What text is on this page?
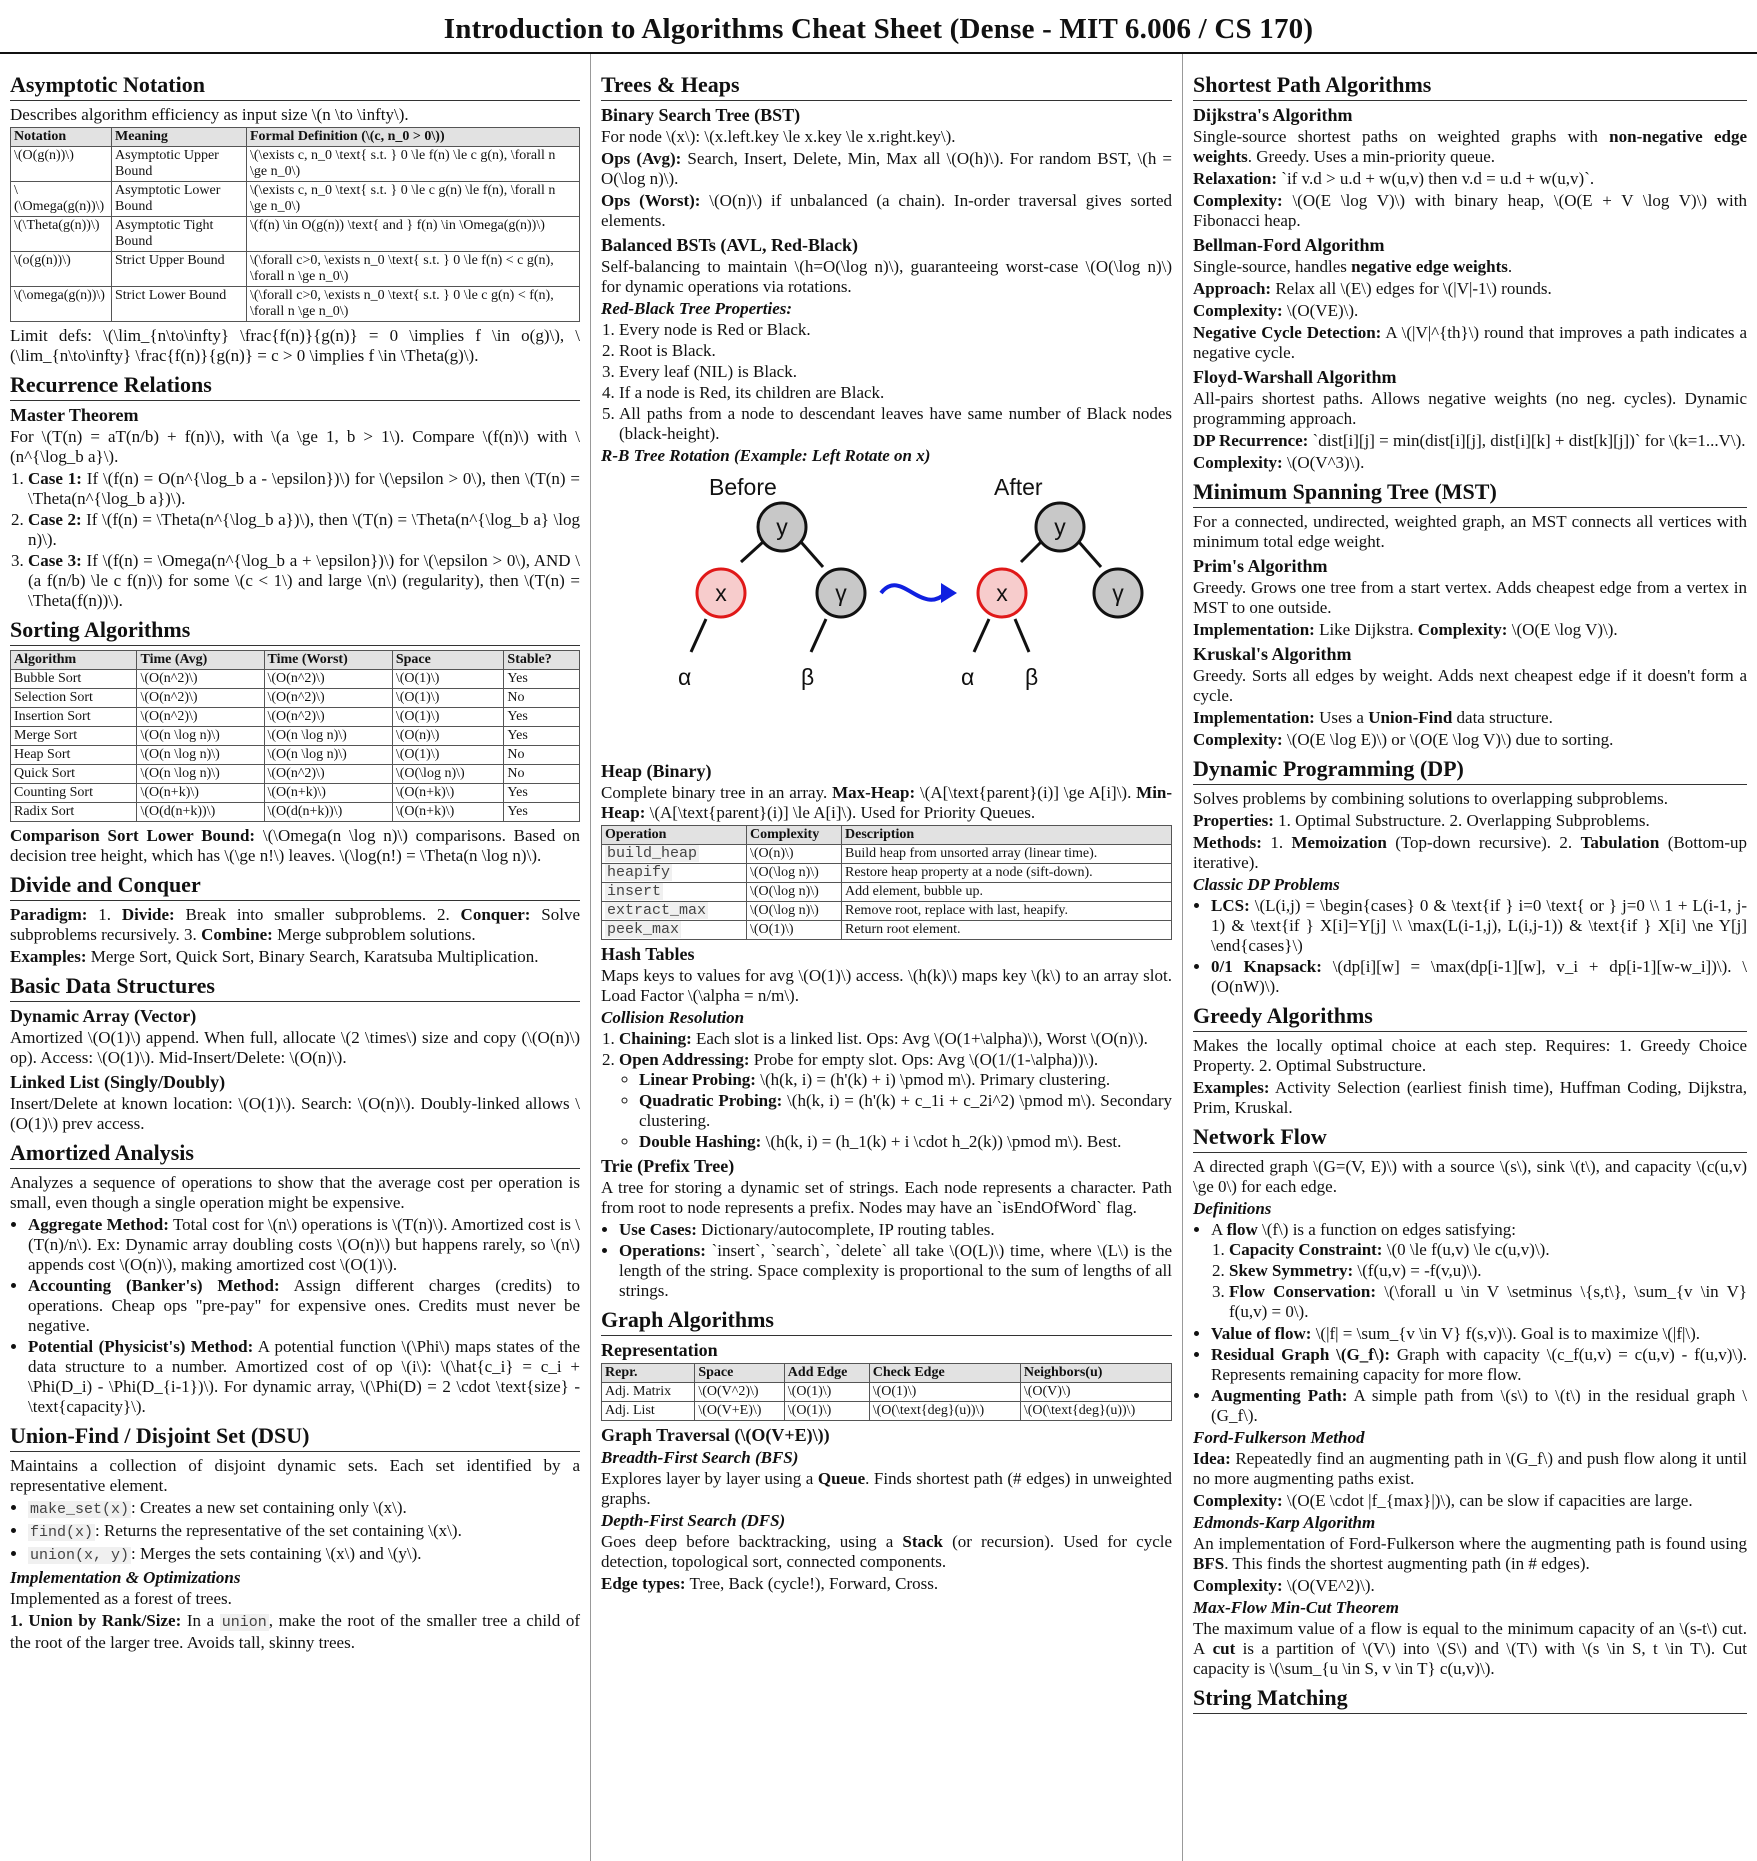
Introduction to Algorithms Cheat Sheet (Dense - MIT 6.006 / CS 170)
Asymptotic Notation

Describes algorithm efficiency as input size \(n \to \infty\).

Notation	Meaning	Formal Definition (\(c, n_0 > 0\))
\(O(g(n))\)	Asymptotic Upper Bound	\(\exists c, n_0 \text{ s.t. } 0 \le f(n) \le c g(n), \forall n \ge n_0\)
\(\Omega(g(n))\)	Asymptotic Lower Bound	\(\exists c, n_0 \text{ s.t. } 0 \le c g(n) \le f(n), \forall n \ge n_0\)
\(\Theta(g(n))\)	Asymptotic Tight Bound	\(f(n) \in O(g(n)) \text{ and } f(n) \in \Omega(g(n))\)
\(o(g(n))\)	Strict Upper Bound	\(\forall c>0, \exists n_0 \text{ s.t. } 0 \le f(n) < c g(n), \forall n \ge n_0\)
\(\omega(g(n))\)	Strict Lower Bound	\(\forall c>0, \exists n_0 \text{ s.t. } 0 \le c g(n) < f(n), \forall n \ge n_0\)

Limit defs: \(\lim_{n\to\infty} \frac{f(n)}{g(n)} = 0 \implies f \in o(g)\), \(\lim_{n\to\infty} \frac{f(n)}{g(n)} = c > 0 \implies f \in \Theta(g)\).

Recurrence Relations
Master Theorem

For \(T(n) = aT(n/b) + f(n)\), with \(a \ge 1, b > 1\). Compare \(f(n)\) with \(n^{\log_b a}\).

1. Case 1: If \(f(n) = O(n^{\log_b a - \epsilon})\) for \(\epsilon > 0\), then \(T(n) = \Theta(n^{\log_b a})\).
2. Case 2: If \(f(n) = \Theta(n^{\log_b a})\), then \(T(n) = \Theta(n^{\log_b a} \log n)\).
3. Case 3: If \(f(n) = \Omega(n^{\log_b a + \epsilon})\) for \(\epsilon > 0\), AND \(a f(n/b) \le c f(n)\) for some \(c < 1\) and large \(n\) (regularity), then \(T(n) = \Theta(f(n))\).
Sorting Algorithms
Algorithm	Time (Avg)	Time (Worst)	Space	Stable?
Bubble Sort	\(O(n^2)\)	\(O(n^2)\)	\(O(1)\)	Yes
Selection Sort	\(O(n^2)\)	\(O(n^2)\)	\(O(1)\)	No
Insertion Sort	\(O(n^2)\)	\(O(n^2)\)	\(O(1)\)	Yes
Merge Sort	\(O(n \log n)\)	\(O(n \log n)\)	\(O(n)\)	Yes
Heap Sort	\(O(n \log n)\)	\(O(n \log n)\)	\(O(1)\)	No
Quick Sort	\(O(n \log n)\)	\(O(n^2)\)	\(O(\log n)\)	No
Counting Sort	\(O(n+k)\)	\(O(n+k)\)	\(O(n+k)\)	Yes
Radix Sort	\(O(d(n+k))\)	\(O(d(n+k))\)	\(O(n+k)\)	Yes

Comparison Sort Lower Bound: \(\Omega(n \log n)\) comparisons. Based on decision tree height, which has \(\ge n!\) leaves. \(\log(n!) = \Theta(n \log n)\).

Divide and Conquer

Paradigm: 1. Divide: Break into smaller subproblems. 2. Conquer: Solve subproblems recursively. 3. Combine: Merge subproblem solutions.

Examples: Merge Sort, Quick Sort, Binary Search, Karatsuba Multiplication.

Basic Data Structures
Dynamic Array (Vector)

Amortized \(O(1)\) append. When full, allocate \(2 \times\) size and copy (\(O(n)\) op). Access: \(O(1)\). Mid-Insert/Delete: \(O(n)\).

Linked List (Singly/Doubly)

Insert/Delete at known location: \(O(1)\). Search: \(O(n)\). Doubly-linked allows \(O(1)\) prev access.

Amortized Analysis

Analyzes a sequence of operations to show that the average cost per operation is small, even though a single operation might be expensive.

• Aggregate Method: Total cost for \(n\) operations is \(T(n)\). Amortized cost is \(T(n)/n\). Ex: Dynamic array doubling costs \(O(n)\) but happens rarely, so \(n\) appends cost \(O(n)\), making amortized cost \(O(1)\).
• Accounting (Banker's) Method: Assign different charges (credits) to operations. Cheap ops "pre-pay" for expensive ones. Credits must never be negative.
• Potential (Physicist's) Method: A potential function \(\Phi\) maps states of the data structure to a number. Amortized cost of op \(i\): \(\hat{c_i} = c_i + \Phi(D_i) - \Phi(D_{i-1})\). For dynamic array, \(\Phi(D) = 2 \cdot \text{size} - \text{capacity}\).
Union-Find / Disjoint Set (DSU)

Maintains a collection of disjoint dynamic sets. Each set identified by a representative element.

• make_set(x) : Creates a new set containing only \(x\).
• find(x) : Returns the representative of the set containing \(x\).
• union(x, y) : Merges the sets containing \(x\) and \(y\).
Implementation & Optimizations

Implemented as a forest of trees.

1. Union by Rank/Size: In a union , make the root of the smaller tree a child of the root of the larger tree. Avoids tall, skinny trees.

Trees & Heaps
Binary Search Tree (BST)

For node \(x\): \(x.left.key \le x.key \le x.right.key\).

Ops (Avg): Search, Insert, Delete, Min, Max all \(O(h)\). For random BST, \(h = O(\log n)\).

Ops (Worst): \(O(n)\) if unbalanced (a chain). In-order traversal gives sorted elements.

Balanced BSTs (AVL, Red-Black)

Self-balancing to maintain \(h=O(\log n)\), guaranteeing worst-case \(O(\log n)\) for dynamic operations via rotations.

Red-Black Tree Properties:
1. Every node is Red or Black.
2. Root is Black.
3. Every leaf (NIL) is Black.
4. If a node is Red, its children are Black.
5. All paths from a node to descendant leaves have same number of Black nodes (black-height).
R-B Tree Rotation (Example: Left Rotate on x)
Before	After
y
x	γ
α	β
y
x	γ
α β
Heap (Binary)

Complete binary tree in an array. Max-Heap: \(A[\text{parent}(i)] \ge A[i]\). Min-Heap: \(A[\text{parent}(i)] \le A[i]\). Used for Priority Queues.

Operation	Complexity	Description
build_heap	\(O(n)\)	Build heap from unsorted array (linear time).
heapify	\(O(\log n)\)	Restore heap property at a node (sift-down).
insert	\(O(\log n)\)	Add element, bubble up.
extract_max	\(O(\log n)\)	Remove root, replace with last, heapify.
peek_max	\(O(1)\)	Return root element.
Hash Tables

Maps keys to values for avg \(O(1)\) access. \(h(k)\) maps key \(k\) to an array slot. Load Factor \(\alpha = n/m\).

Collision Resolution
1. Chaining: Each slot is a linked list. Ops: Avg \(O(1+\alpha)\), Worst \(O(n)\).
2. Open Addressing: Probe for empty slot. Ops: Avg \(O(1/(1-\alpha))\).
◦ Linear Probing: \(h(k, i) = (h'(k) + i) \pmod m\). Primary clustering.
◦ Quadratic Probing: \(h(k, i) = (h'(k) + c_1i + c_2i^2) \pmod m\). Secondary clustering.
◦ Double Hashing: \(h(k, i) = (h_1(k) + i \cdot h_2(k)) \pmod m\). Best.
Trie (Prefix Tree)

A tree for storing a dynamic set of strings. Each node represents a character. Path from root to node represents a prefix. Nodes may have an `isEndOfWord` flag.

• Use Cases: Dictionary/autocomplete, IP routing tables.
• Operations: `insert`, `search`, `delete` all take \(O(L)\) time, where \(L\) is the length of the string. Space complexity is proportional to the sum of lengths of all strings.
Graph Algorithms
Representation
Repr.	Space	Add Edge	Check Edge	Neighbors(u)
Adj. Matrix	\(O(V^2)\)	\(O(1)\)	\(O(1)\)	\(O(V)\)
Adj. List	\(O(V+E)\)	\(O(1)\)	\(O(\text{deg}(u))\)	\(O(\text{deg}(u))\)
Graph Traversal (\(O(V+E)\))
Breadth-First Search (BFS)

Explores layer by layer using a Queue. Finds shortest path (# edges) in unweighted graphs.

Depth-First Search (DFS)

Goes deep before backtracking, using a Stack (or recursion). Used for cycle detection, topological sort, connected components.

Edge types: Tree, Back (cycle!), Forward, Cross.

Shortest Path Algorithms
Dijkstra's Algorithm

Single-source shortest paths on weighted graphs with non-negative edge weights. Greedy. Uses a min-priority queue.

Relaxation: `if v.d > u.d + w(u,v) then v.d = u.d + w(u,v)`.

Complexity: \(O(E \log V)\) with binary heap, \(O(E + V \log V)\) with Fibonacci heap.

Bellman-Ford Algorithm

Single-source, handles negative edge weights.

Approach: Relax all \(E\) edges for \(|V|-1\) rounds.

Complexity: \(O(VE)\).

Negative Cycle Detection: A \(|V|^{th}\) round that improves a path indicates a negative cycle.

Floyd-Warshall Algorithm

All-pairs shortest paths. Allows negative weights (no neg. cycles). Dynamic programming approach.

DP Recurrence: `dist[i][j] = min(dist[i][j], dist[i][k] + dist[k][j])` for \(k=1...V\).

Complexity: \(O(V^3)\).

Minimum Spanning Tree (MST)

For a connected, undirected, weighted graph, an MST connects all vertices with minimum total edge weight.

Prim's Algorithm

Greedy. Grows one tree from a start vertex. Adds cheapest edge from a vertex in MST to one outside.

Implementation: Like Dijkstra. Complexity: \(O(E \log V)\).

Kruskal's Algorithm

Greedy. Sorts all edges by weight. Adds next cheapest edge if it doesn't form a cycle.

Implementation: Uses a Union-Find data structure.

Complexity: \(O(E \log E)\) or \(O(E \log V)\) due to sorting.

Dynamic Programming (DP)

Solves problems by combining solutions to overlapping subproblems.

Properties: 1. Optimal Substructure. 2. Overlapping Subproblems.

Methods: 1. Memoization (Top-down recursive). 2. Tabulation (Bottom-up iterative).

Classic DP Problems
• LCS: \(L(i,j) = \begin{cases} 0 & \text{if } i=0 \text{ or } j=0 \\ 1 + L(i-1, j-1) & \text{if } X[i]=Y[j] \\ \max(L(i-1,j), L(i,j-1)) & \text{if } X[i] \ne Y[j] \end{cases}\)
• 0/1 Knapsack: \(dp[i][w] = \max(dp[i-1][w], v_i + dp[i-1][w-w_i])\). \(O(nW)\).
Greedy Algorithms

Makes the locally optimal choice at each step. Requires: 1. Greedy Choice Property. 2. Optimal Substructure.

Examples: Activity Selection (earliest finish time), Huffman Coding, Dijkstra, Prim, Kruskal.

Network Flow

A directed graph \(G=(V, E)\) with a source \(s\), sink \(t\), and capacity \(c(u,v) \ge 0\) for each edge.

Definitions
• A flow \(f\) is a function on edges satisfying:
1. Capacity Constraint: \(0 \le f(u,v) \le c(u,v)\).
2. Skew Symmetry: \(f(u,v) = -f(v,u)\).
3. Flow Conservation: \(\forall u \in V \setminus \{s,t\}, \sum_{v \in V} f(u,v) = 0\).
• Value of flow: \(|f| = \sum_{v \in V} f(s,v)\). Goal is to maximize \(|f|\).
• Residual Graph \(G_f\): Graph with capacity \(c_f(u,v) = c(u,v) - f(u,v)\). Represents remaining capacity for more flow.
• Augmenting Path: A simple path from \(s\) to \(t\) in the residual graph \(G_f\).
Ford-Fulkerson Method

Idea: Repeatedly find an augmenting path in \(G_f\) and push flow along it until no more augmenting paths exist.

Complexity: \(O(E \cdot |f_{max}|)\), can be slow if capacities are large.

Edmonds-Karp Algorithm

An implementation of Ford-Fulkerson where the augmenting path is found using BFS. This finds the shortest augmenting path (in # edges).

Complexity: \(O(VE^2)\).

Max-Flow Min-Cut Theorem

The maximum value of a flow is equal to the minimum capacity of an \(s-t\) cut. A cut is a partition of \(V\) into \(S\) and \(T\) with \(s \in S, t \in T\). Cut capacity is \(\sum_{u \in S, v \in T} c(u,v)\).

String Matching
